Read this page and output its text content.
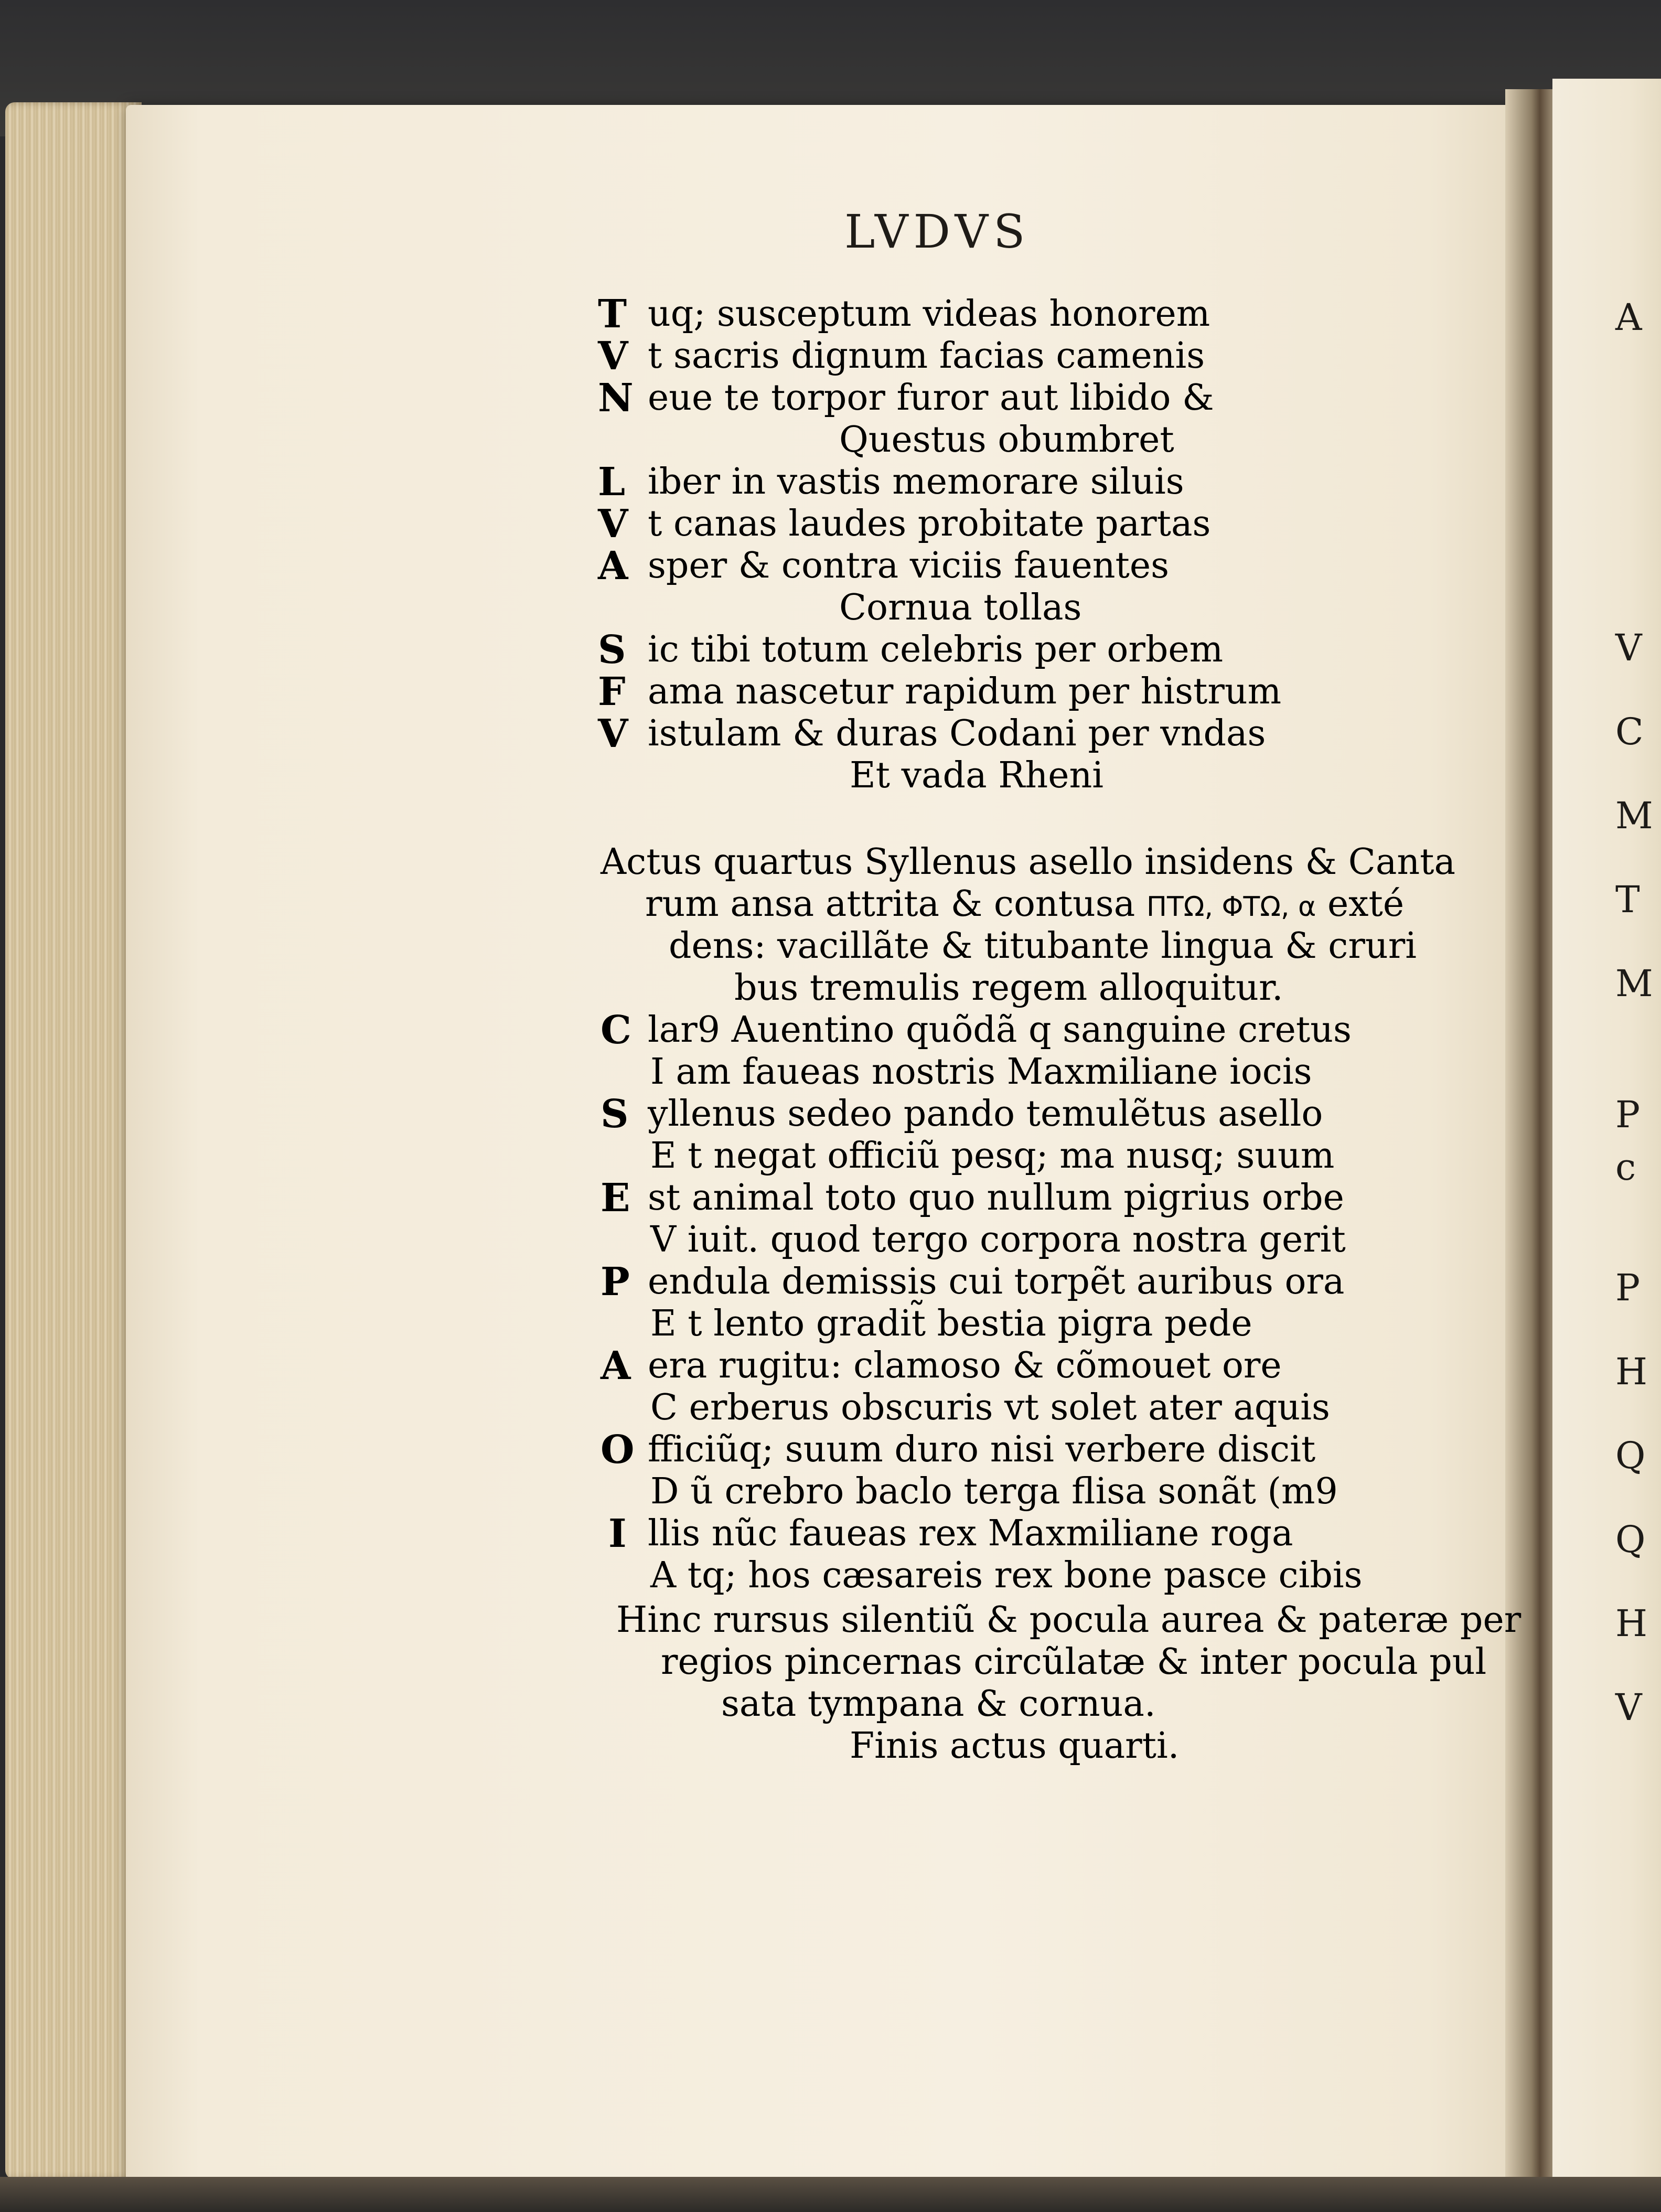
A
V
C
M
T
M
P
c
P
H
Q
Q
H
V
LVDVS
T uq; susceptum videas honorem
V t sacris dignum facias camenis
N eue te torpor furor aut libido &
Questus obumbret
L iber in vastis memorare siluis
V t canas laudes probitate partas
A sper & contra viciis fauentes
Cornua tollas
S ic tibi totum celebris per orbem
F ama nascetur rapidum per histrum
V istulam & duras Codani per vndas
Et vada Rheni
Actus quartus Syllenus asello insidens & Canta
rum ansa attrita & contusa ΠΤΩ, ΦΤΩ, α exté
dens: vacillãte & titubante lingua & cruri
bus tremulis regem alloquitur.
C lar9 Auentino quõdã q sanguine cretus
I am faueas nostris Maxmiliane iocis
S yllenus sedeo pando temulẽtus asello
E t negat officiũ pesq; ma nusq; suum
E st animal toto quo nullum pigrius orbe
V iuit. quod tergo corpora nostra gerit
P endula demissis cui torpẽt auribus ora
E t lento gradit̃ bestia pigra pede
A era rugitu: clamoso & cõmouet ore
C erberus obscuris vt solet ater aquis
O fficiũq; suum duro nisi verbere discit
D ũ crebro baclo terga flisa sonãt (m9
I llis nũc faueas rex Maxmiliane roga
A tq; hos cæsareis rex bone pasce cibis
Hinc rursus silentiũ & pocula aurea & pateræ per
regios pincernas circũlatæ & inter pocula pul
sata tympana & cornua.
Finis actus quarti.
